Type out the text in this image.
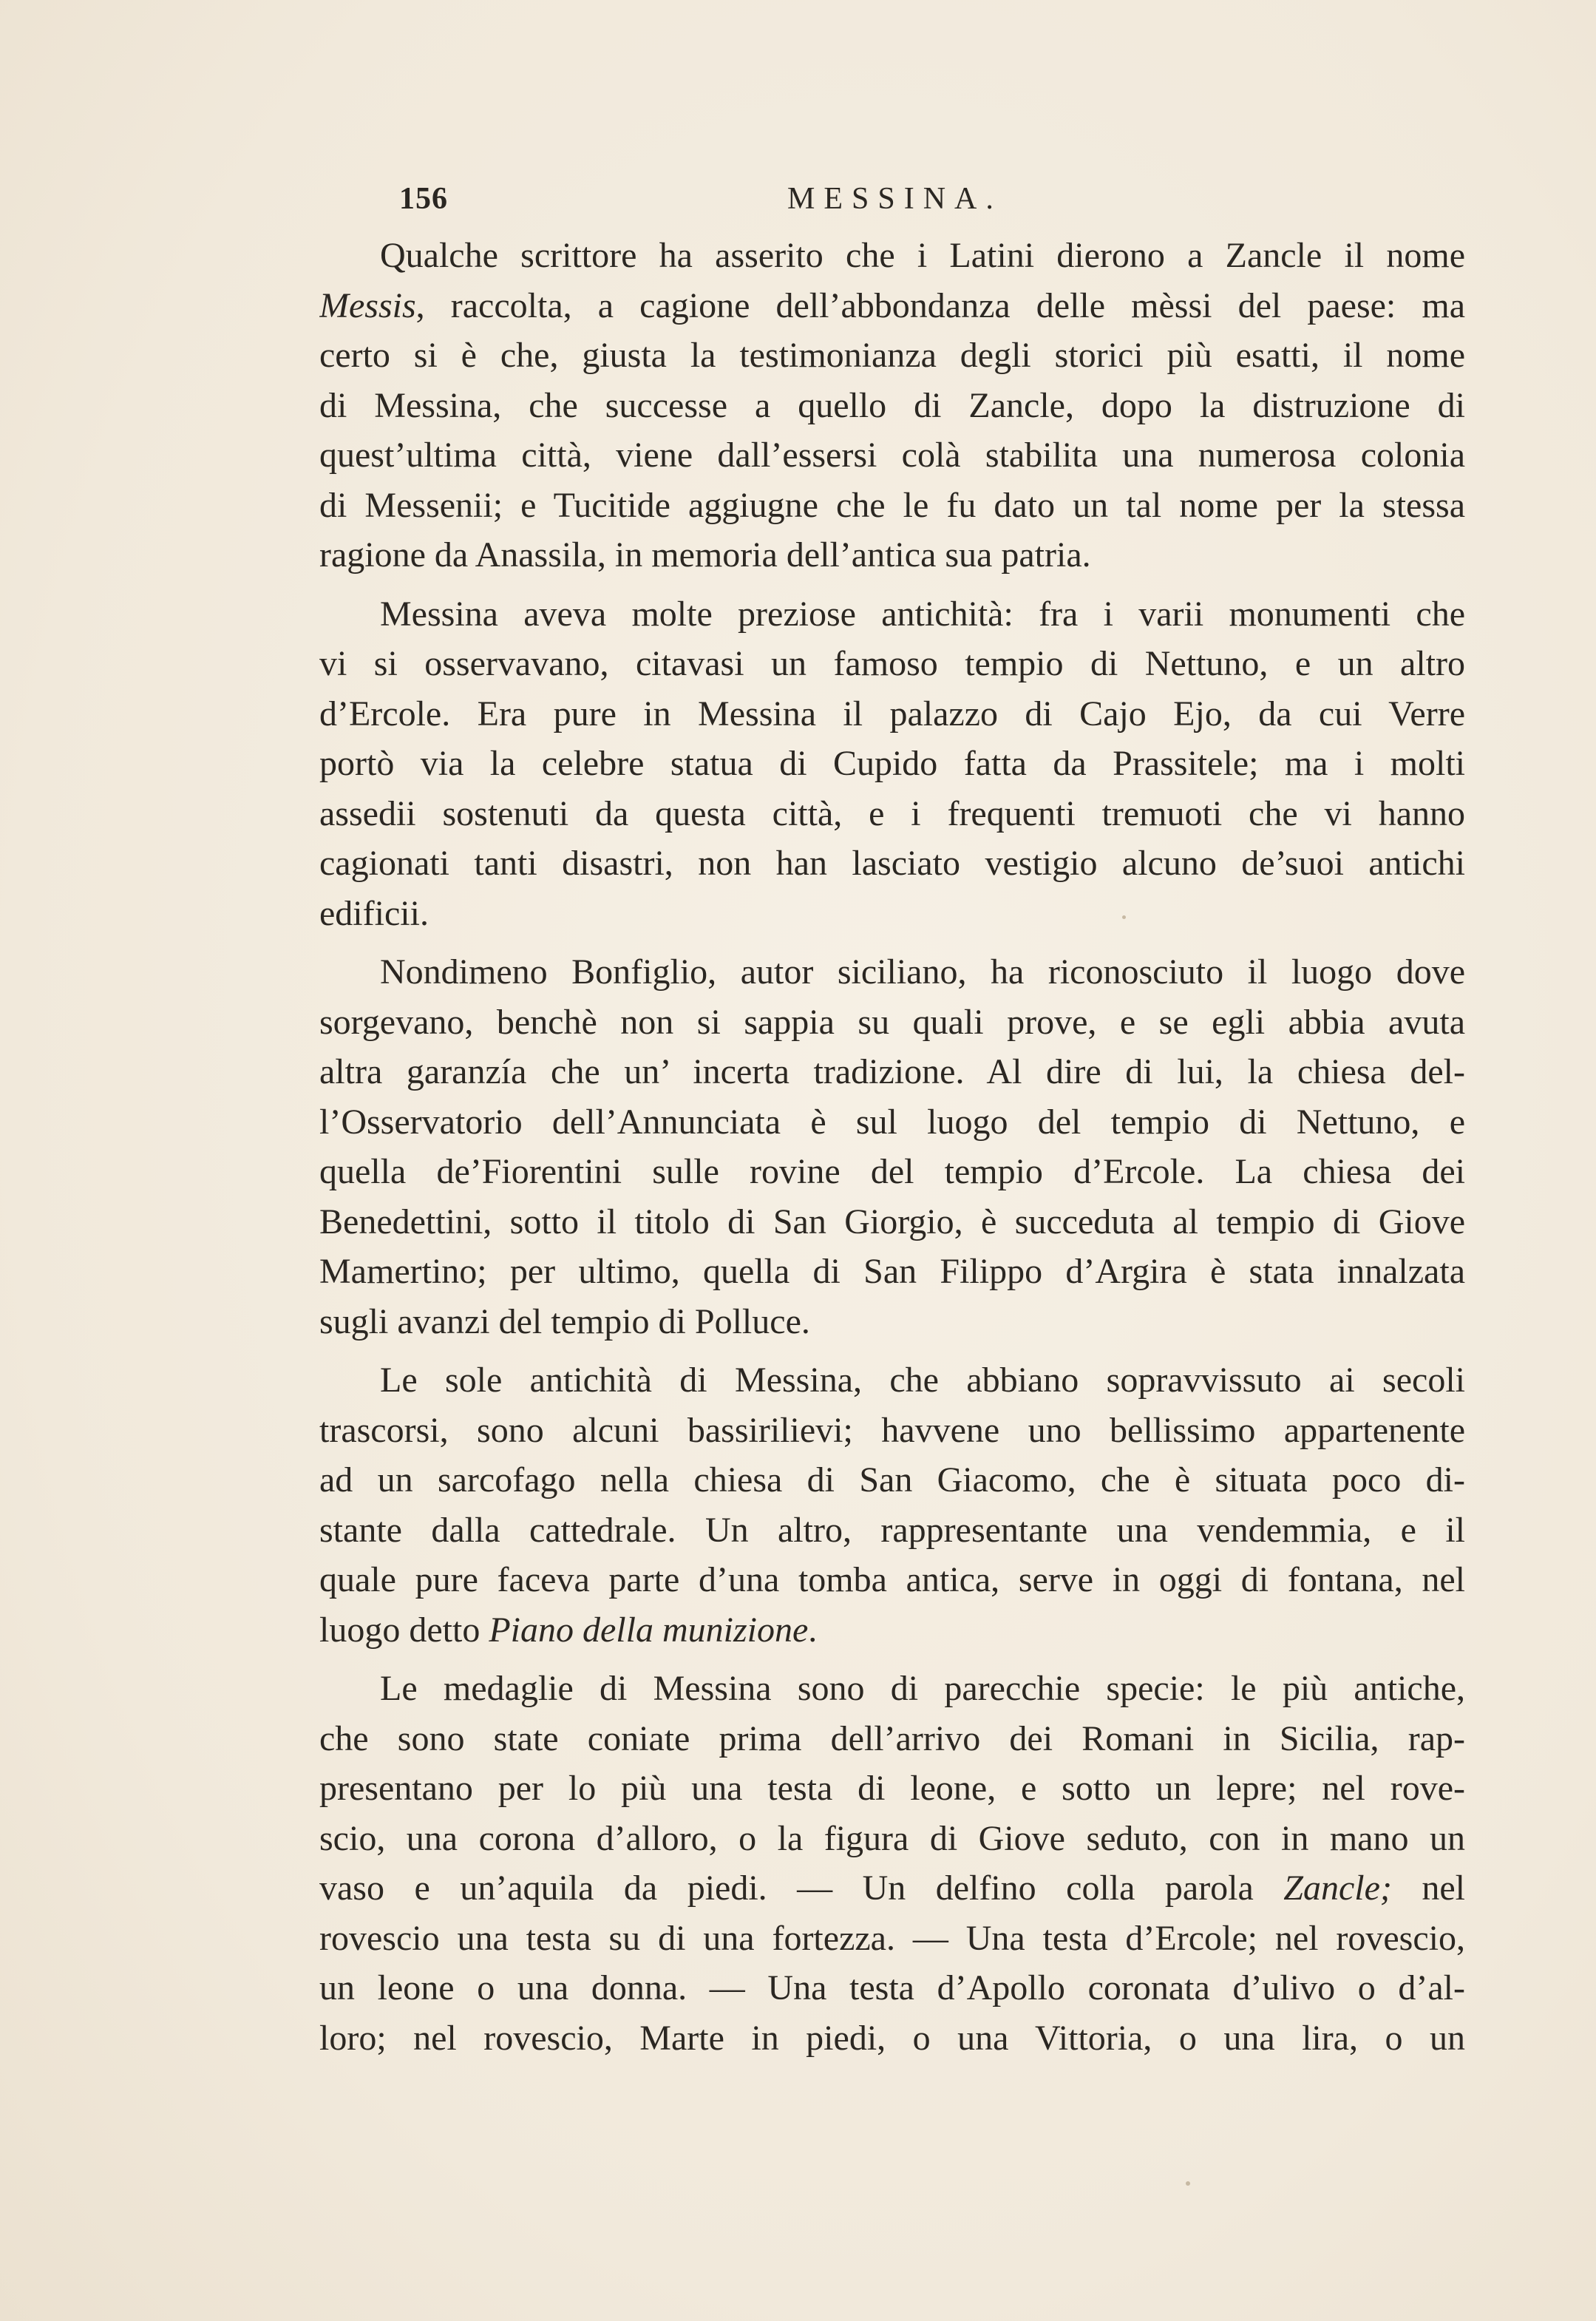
156	MESSINA.
Qualche scrittore ha asserito che i Latini dierono a Zancle il nome
Messis, raccolta, a cagione dell’abbondanza delle mèssi del paese: ma
certo si è che, giusta la testimonianza degli storici più esatti, il nome
di Messina, che successe a quello di Zancle, dopo la distruzione di
quest’ultima città, viene dall’essersi colà stabilita una numerosa colonia
di Messenii; e Tucitide aggiugne che le fu dato un tal nome per la stessa
ragione da Anassila, in memoria dell’antica sua patria.
Messina aveva molte preziose antichità: fra i varii monumenti che
vi si osservavano, citavasi un famoso tempio di Nettuno, e un altro
d’Ercole. Era pure in Messina il palazzo di Cajo Ejo, da cui Verre
portò via la celebre statua di Cupido fatta da Prassitele; ma i molti
assedii sostenuti da questa città, e i frequenti tremuoti che vi hanno
cagionati tanti disastri, non han lasciato vestigio alcuno de’suoi antichi
edificii.
Nondimeno Bonfiglio, autor siciliano, ha riconosciuto il luogo dove
sorgevano, benchè non si sappia su quali prove, e se egli abbia avuta
altra garanzía che un’ incerta tradizione. Al dire di lui, la chiesa del-
l’Osservatorio dell’Annunciata è sul luogo del tempio di Nettuno, e
quella de’Fiorentini sulle rovine del tempio d’Ercole. La chiesa dei
Benedettini, sotto il titolo di San Giorgio, è succeduta al tempio di Giove
Mamertino; per ultimo, quella di San Filippo d’Argira è stata innalzata
sugli avanzi del tempio di Polluce.
Le sole antichità di Messina, che abbiano sopravvissuto ai secoli
trascorsi, sono alcuni bassirilievi; havvene uno bellissimo appartenente
ad un sarcofago nella chiesa di San Giacomo, che è situata poco di-
stante dalla cattedrale. Un altro, rappresentante una vendemmia, e il
quale pure faceva parte d’una tomba antica, serve in oggi di fontana, nel
luogo detto Piano della munizione.
Le medaglie di Messina sono di parecchie specie: le più antiche,
che sono state coniate prima dell’arrivo dei Romani in Sicilia, rap-
presentano per lo più una testa di leone, e sotto un lepre; nel rove-
scio, una corona d’alloro, o la figura di Giove seduto, con in mano un
vaso e un’aquila da piedi. — Un delfino colla parola Zancle; nel
rovescio una testa su di una fortezza. — Una testa d’Ercole; nel rovescio,
un leone o una donna. — Una testa d’Apollo coronata d’ulivo o d’al-
loro; nel rovescio, Marte in piedi, o una Vittoria, o una lira, o un
